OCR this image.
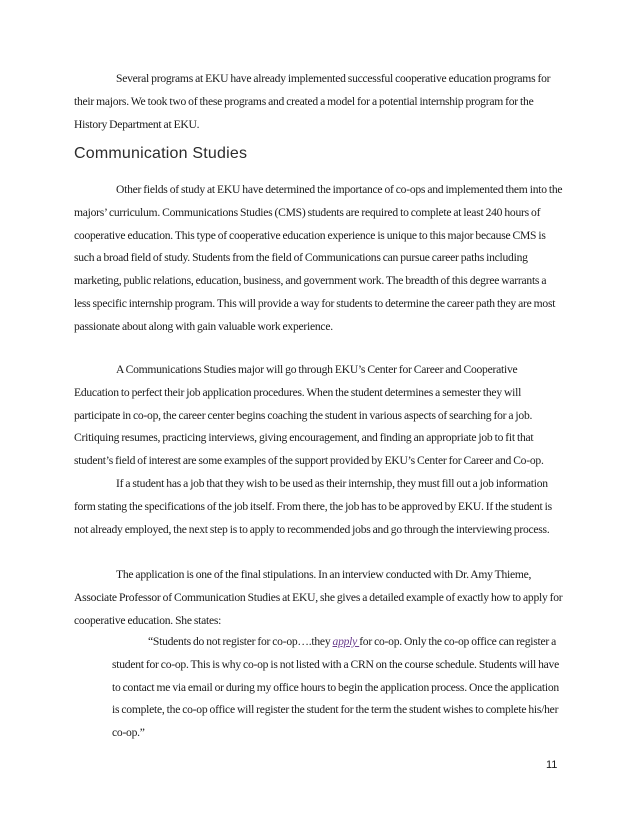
Several programs at EKU have already implemented successful cooperative education programs for their majors. We took two of these programs and created a model for a potential internship program for the History Department at EKU.

Communication Studies

Other fields of study at EKU have determined the importance of co-ops and implemented them into the majors’ curriculum. Communications Studies (CMS) students are required to complete at least 240 hours of cooperative education. This type of cooperative education experience is unique to this major because CMS is such a broad field of study. Students from the field of Communications can pursue career paths including marketing, public relations, education, business, and government work. The breadth of this degree warrants a less specific internship program. This will provide a way for students to determine the career path they are most passionate about along with gain valuable work experience.

A Communications Studies major will go through EKU’s Center for Career and Cooperative Education to perfect their job application procedures. When the student determines a semester they will participate in co-op, the career center begins coaching the student in various aspects of searching for a job. Critiquing resumes, practicing interviews, giving encouragement, and finding an appropriate job to fit that student’s field of interest are some examples of the support provided by EKU’s Center for Career and Co-op.

If a student has a job that they wish to be used as their internship, they must fill out a job information form stating the specifications of the job itself. From there, the job has to be approved by EKU. If the student is not already employed, the next step is to apply to recommended jobs and go through the interviewing process.

The application is one of the final stipulations. In an interview conducted with Dr. Amy Thieme, Associate Professor of Communication Studies at EKU, she gives a detailed example of exactly how to apply for cooperative education. She states:

“Students do not register for co-op….they apply for co-op. Only the co-op office can register a student for co-op. This is why co-op is not listed with a CRN on the course schedule. Students will have to contact me via email or during my office hours to begin the application process. Once the application is complete, the co-op office will register the student for the term the student wishes to complete his/her co-op.”

11
